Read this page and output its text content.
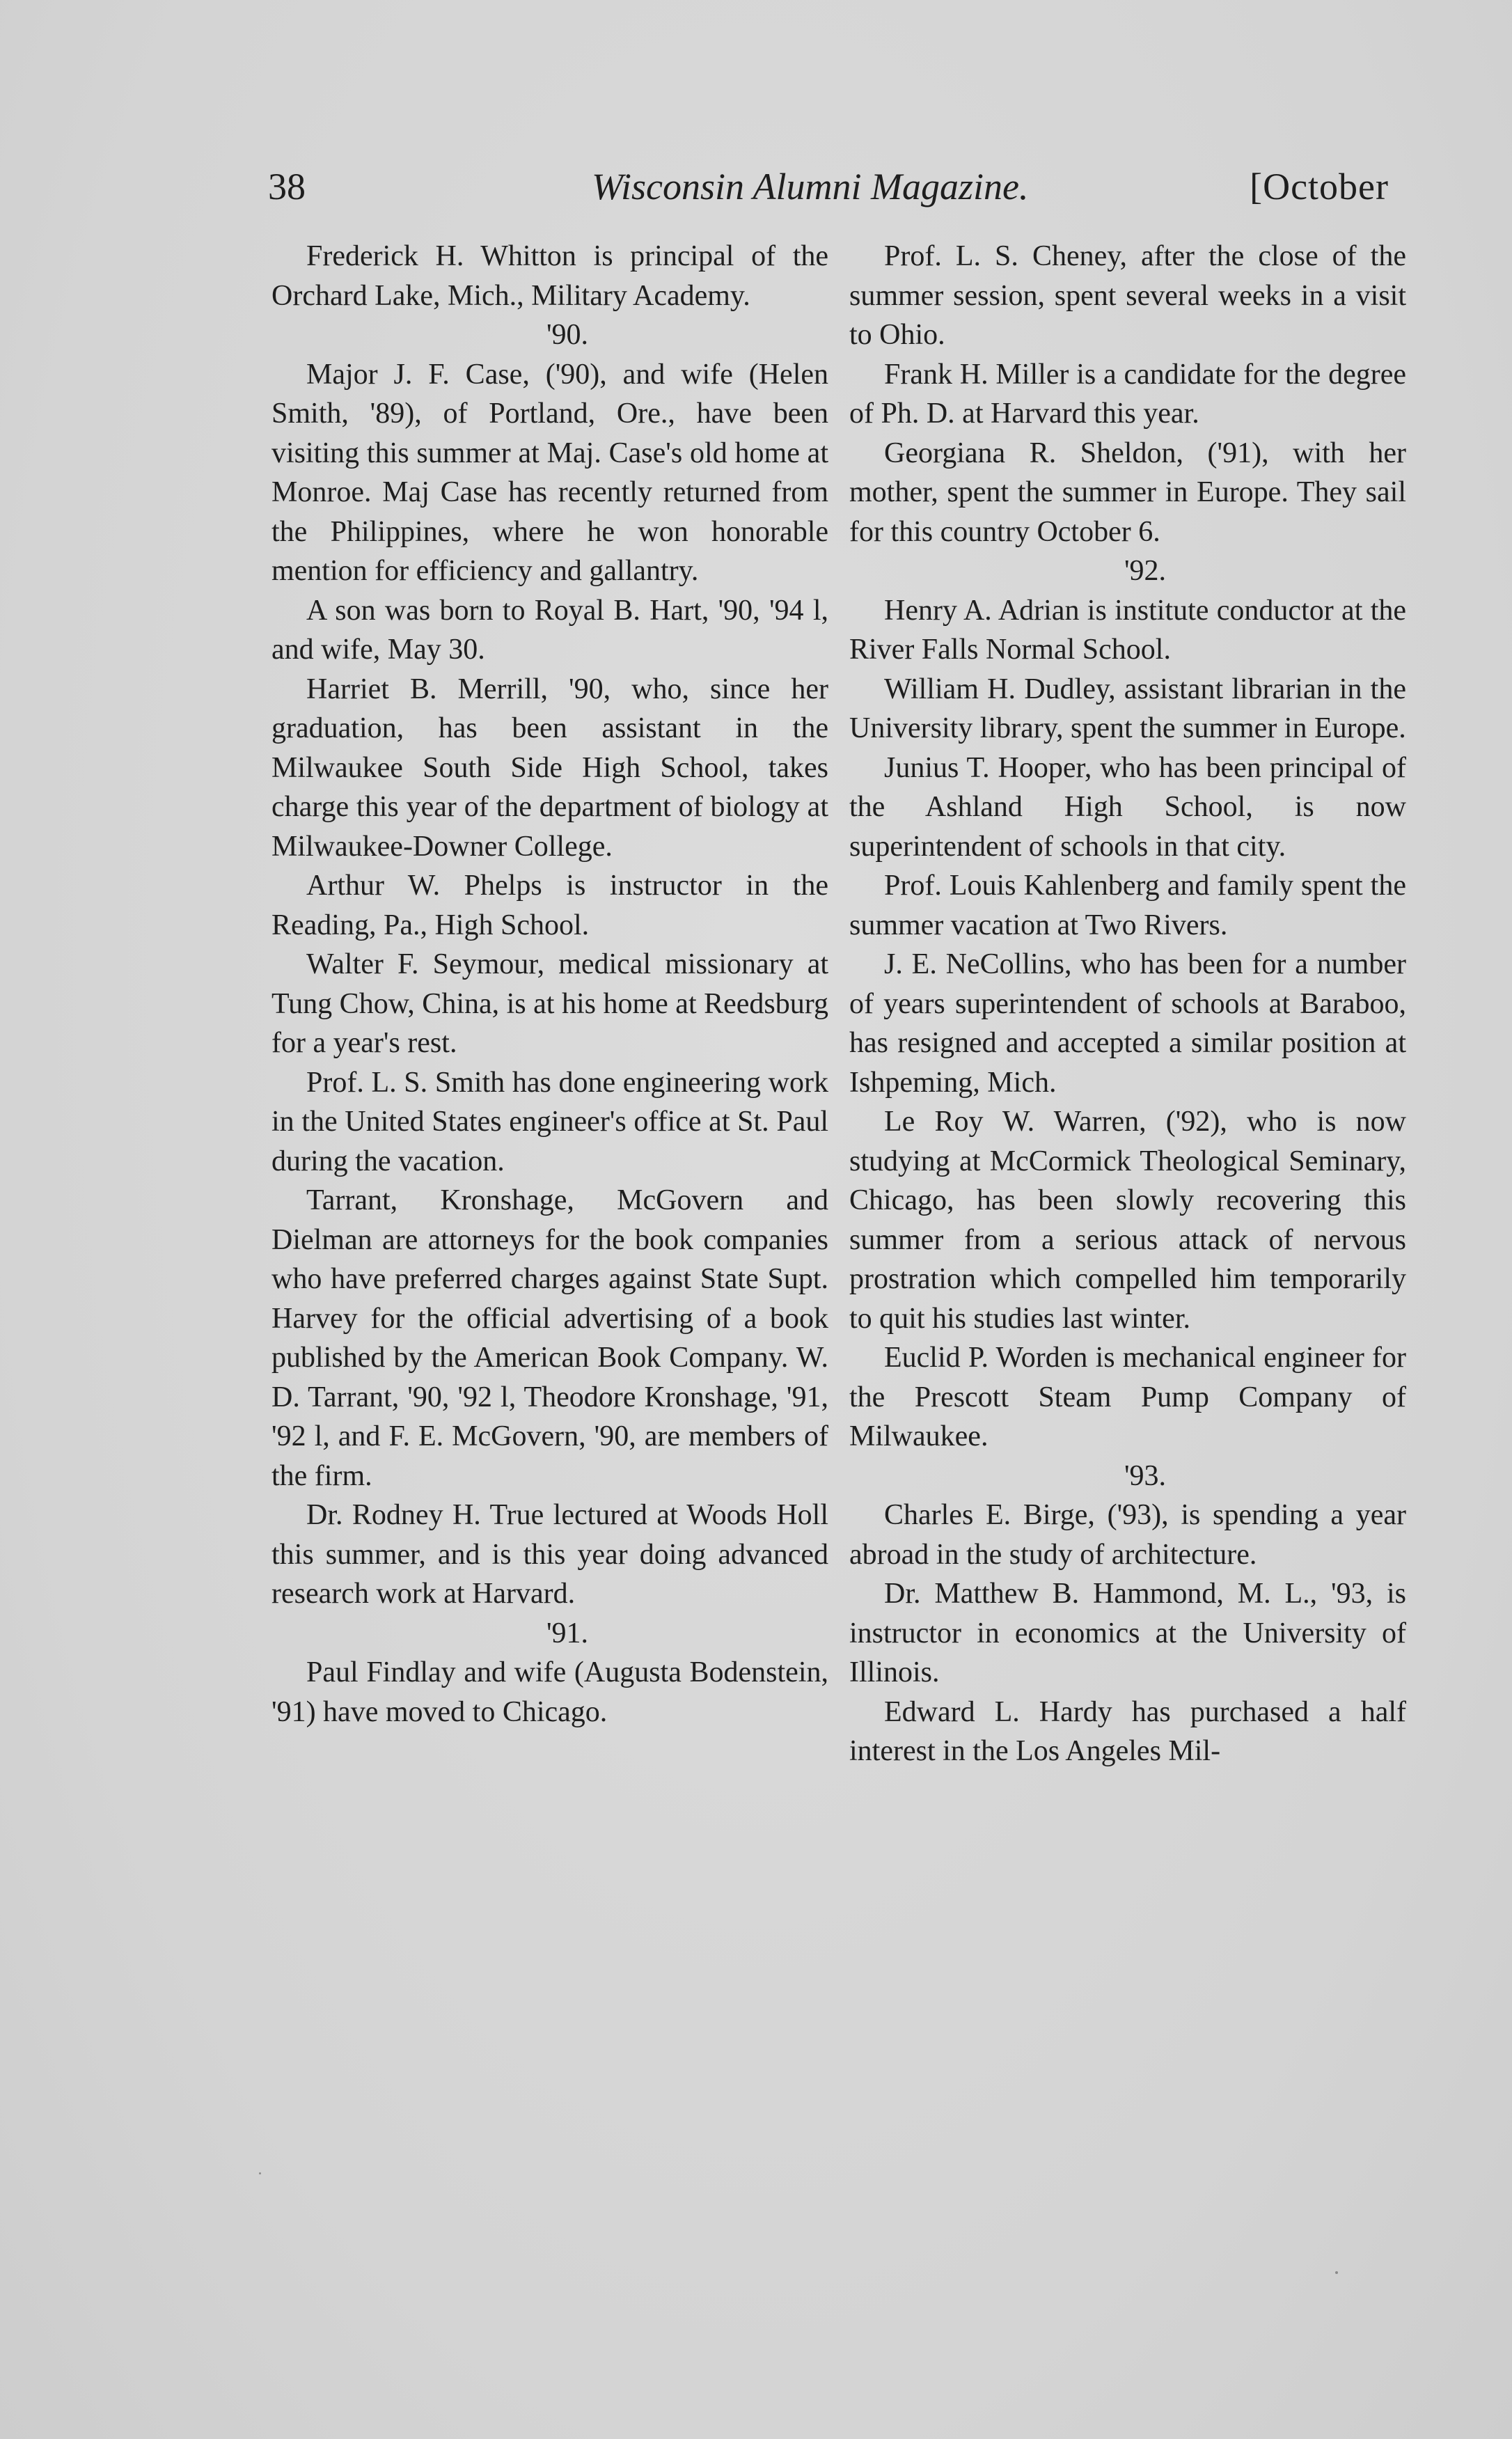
38	Wisconsin Alumni Magazine.	[October

Frederick H. Whitton is principal of the Orchard Lake, Mich., Military Academy.

'90.

Major J. F. Case, ('90), and wife (Helen Smith, '89), of Portland, Ore., have been visiting this summer at Maj. Case's old home at Monroe. Maj Case has recently returned from the Philippines, where he won honorable mention for efficiency and gallantry.

A son was born to Royal B. Hart, '90, '94 l, and wife, May 30.

Harriet B. Merrill, '90, who, since her graduation, has been assistant in the Milwaukee South Side High School, takes charge this year of the department of biology at Milwaukee-Downer College.

Arthur W. Phelps is instructor in the Reading, Pa., High School.

Walter F. Seymour, medical missionary at Tung Chow, China, is at his home at Reedsburg for a year's rest.

Prof. L. S. Smith has done engineering work in the United States engineer's office at St. Paul during the vacation.

Tarrant, Kronshage, McGovern and Dielman are attorneys for the book companies who have preferred charges against State Supt. Harvey for the official advertising of a book published by the American Book Company. W. D. Tarrant, '90, '92 l, Theodore Kronshage, '91, '92 l, and F. E. McGovern, '90, are members of the firm.

Dr. Rodney H. True lectured at Woods Holl this summer, and is this year doing advanced research work at Harvard.

'91.

Paul Findlay and wife (Augusta Bodenstein, '91) have moved to Chicago.

Prof. L. S. Cheney, after the close of the summer session, spent several weeks in a visit to Ohio.

Frank H. Miller is a candidate for the degree of Ph. D. at Harvard this year.

Georgiana R. Sheldon, ('91), with her mother, spent the summer in Europe. They sail for this country October 6.

'92.

Henry A. Adrian is institute conductor at the River Falls Normal School.

William H. Dudley, assistant librarian in the University library, spent the summer in Europe.

Junius T. Hooper, who has been principal of the Ashland High School, is now superintendent of schools in that city.

Prof. Louis Kahlenberg and family spent the summer vacation at Two Rivers.

J. E. NeCollins, who has been for a number of years superintendent of schools at Baraboo, has resigned and accepted a similar position at Ishpeming, Mich.

Le Roy W. Warren, ('92), who is now studying at McCormick Theological Seminary, Chicago, has been slowly recovering this summer from a serious attack of nervous prostration which compelled him temporarily to quit his studies last winter.

Euclid P. Worden is mechanical engineer for the Prescott Steam Pump Company of Milwaukee.

'93.

Charles E. Birge, ('93), is spending a year abroad in the study of architecture.

Dr. Matthew B. Hammond, M. L., '93, is instructor in economics at the University of Illinois.

Edward L. Hardy has purchased a half interest in the Los Angeles Mil-
